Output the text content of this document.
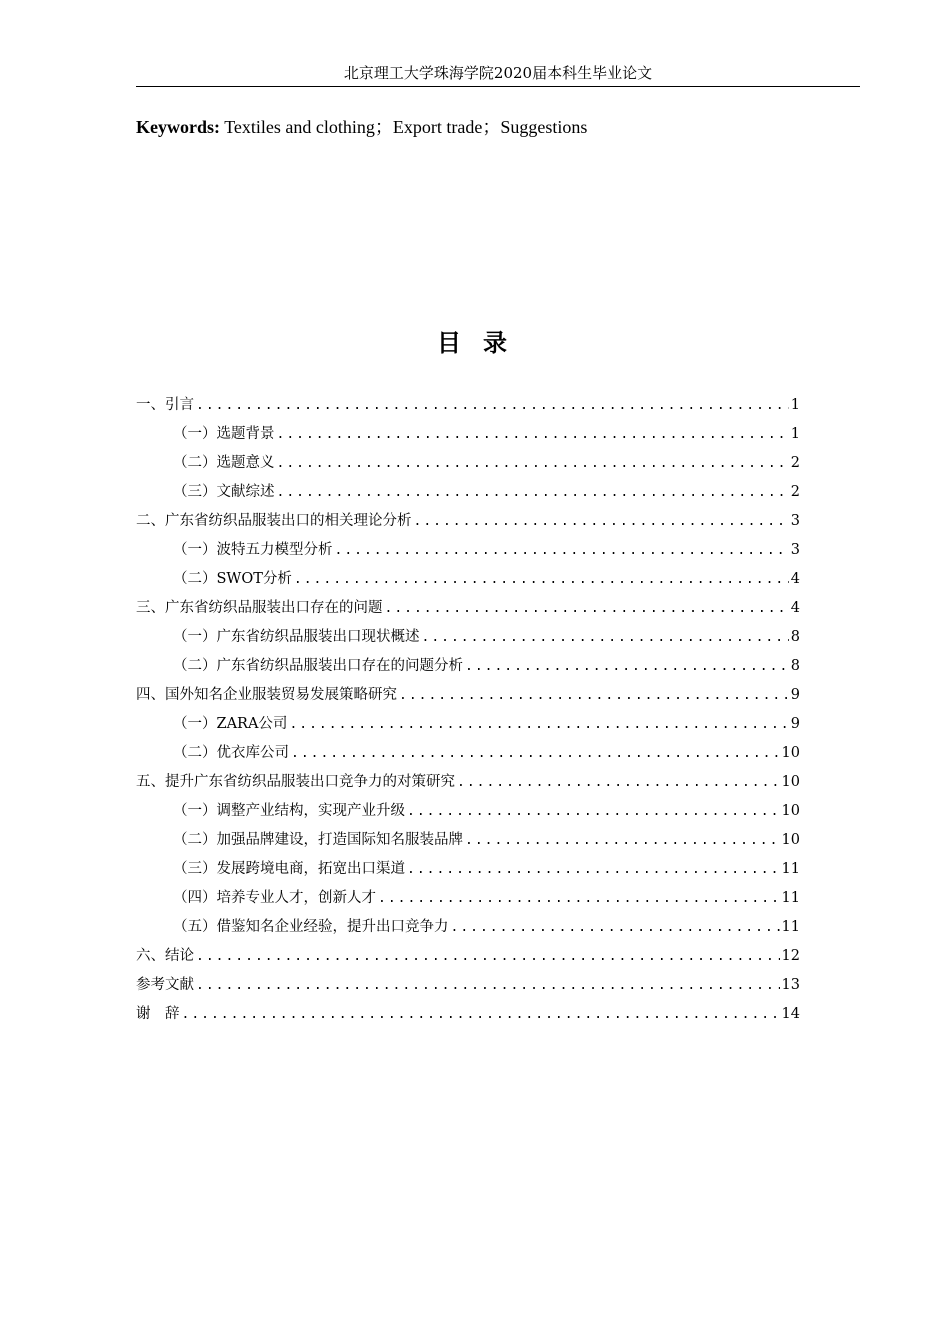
北京理工大学珠海学院2020届本科生毕业论文
Keywords: Textiles and clothing；Export trade；Suggestions
目录
一、引言 .....	1
（一）选题背景 .....	1
（二）选题意义 .....	2
（三）文献综述 .....	2
二、广东省纺织品服装出口的相关理论分析 .....	3
（一）波特五力模型分析 .....	3
（二）SWOT分析 .....	4
三、广东省纺织品服装出口存在的问题 .....	4
（一）广东省纺织品服装出口现状概述 .....	8
（二）广东省纺织品服装出口存在的问题分析 .....	8
四、国外知名企业服装贸易发展策略研究 .....	9
（一）ZARA公司 .....	9
（二）优衣库公司 .....	10
五、提升广东省纺织品服装出口竞争力的对策研究 .....	10
（一）调整产业结构，实现产业升级 .....	10
（二）加强品牌建设，打造国际知名服装品牌 .....	10
（三）发展跨境电商，拓宽出口渠道 .....	11
（四）培养专业人才，创新人才 .....	11
（五）借鉴知名企业经验，提升出口竞争力 .....	11
六、结论 .....	12
参考文献 .....	13
谢　辞 .....	14
